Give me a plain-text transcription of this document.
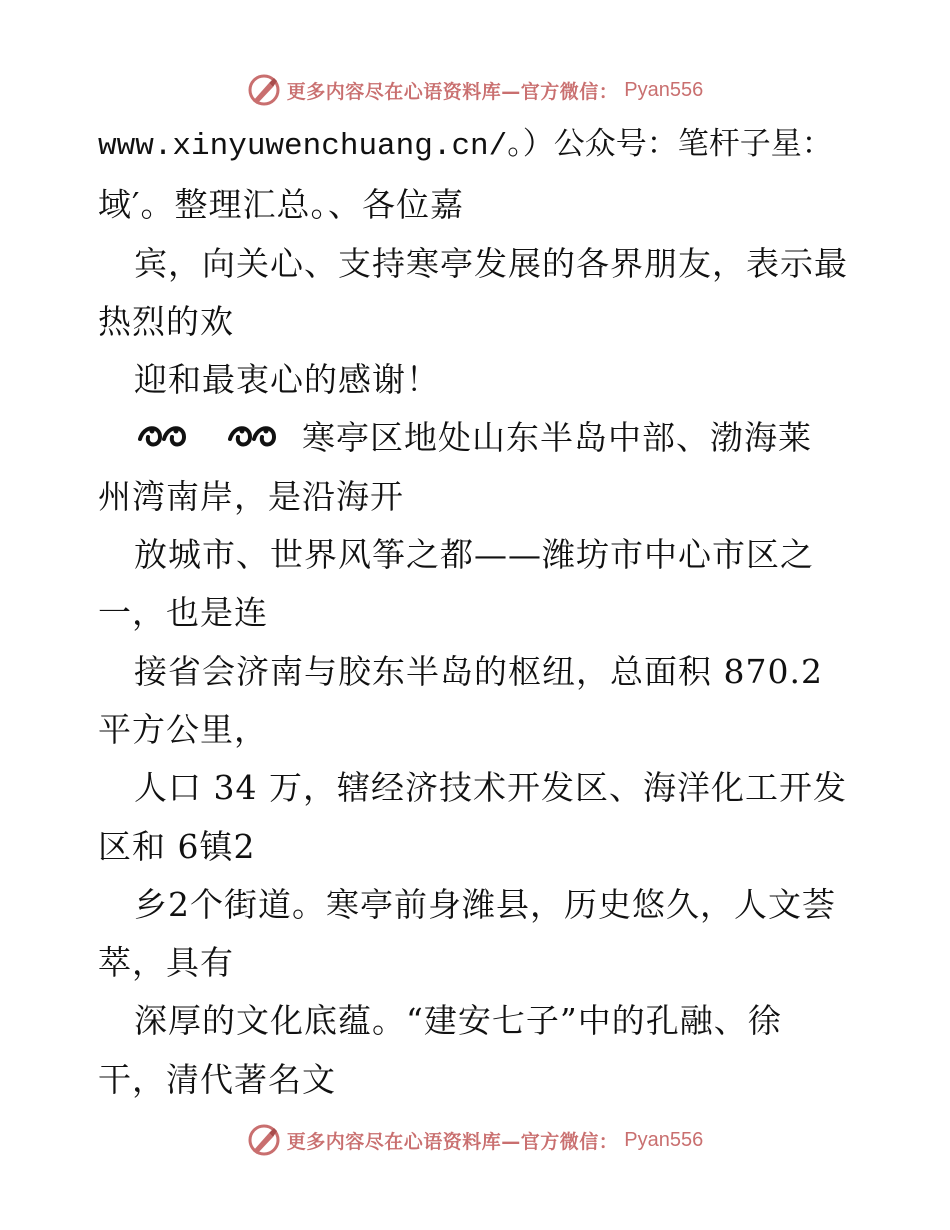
更多内容尽在心语资料库—官方微信： Pyan556
www.xinyuwenchuang.cn/。）公众号：笔杆子星：
域′。整理汇总。、各位嘉
宾，向关心、支持寒亭发展的各界朋友，表示最
热烈的欢
迎和最衷心的感谢！
寒亭区地处山东半岛中部、渤海莱
州湾南岸，是沿海开
放城市、世界风筝之都——潍坊市中心市区之
一，也是连
接省会济南与胶东半岛的枢纽，总面积 870.2
平方公里，
人口 34 万，辖经济技术开发区、海洋化工开发
区和 6镇2
乡2个街道。寒亭前身潍县，历史悠久，人文荟
萃，具有
深厚的文化底蕴。“建安七子”中的孔融、徐
干，清代著名文
更多内容尽在心语资料库—官方微信： Pyan556
